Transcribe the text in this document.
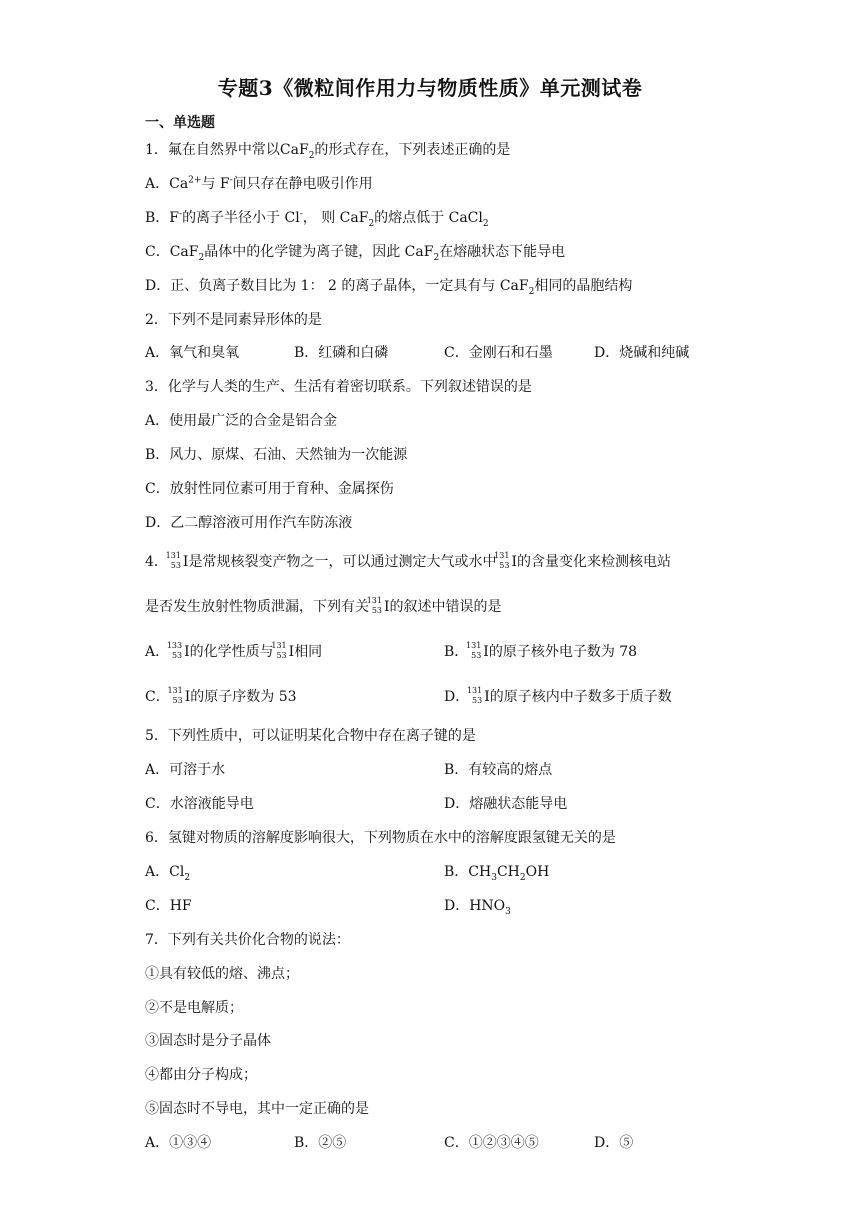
专题3《微粒间作用力与物质性质》单元测试卷
一、单选题
1．氟在自然界中常以CaF$_2$的形式存在，下列表述正确的是
A．$Ca^{2+}$与 F-间只存在静电吸引作用
B．F-的离子半径小于 Cl-， 则 CaF$_2$的熔点低于 CaCl$_2$
C．CaF$_2$晶体中的化学键为离子键，因此 CaF$_2$在熔融状态下能导电
D．正、负离子数目比为 1： 2 的离子晶体，一定具有与 CaF$_2$相同的晶胞结构
2．下列不是同素异形体的是
A．氧气和臭氧	B．红磷和白磷	C．金刚石和石墨	D．烧碱和纯碱
3．化学与人类的生产、生活有着密切联系。下列叙述错误的是
A．使用最广泛的合金是铝合金
B．风力、原煤、石油、天然铀为一次能源
C．放射性同位素可用于育种、金属探伤
D．乙二醇溶液可用作汽车防冻液
4．
131
53 I是常规核裂变产物之一，可以通过测定大气或水中
131
53 I的含量变化来检测核电站
是否发生放射性物质泄漏，下列有关
131
53 I的叙述中错误的是
A．
133
53 I的化学性质与
131
53 I相同	B．
131
53 I的原子核外电子数为 78
C．
131
53 I的原子序数为 53	D．
131
53 I的原子核内中子数多于质子数
5．下列性质中，可以证明某化合物中存在离子键的是
A．可溶于水	B．有较高的熔点
C．水溶液能导电	D．熔融状态能导电
6．氢键对物质的溶解度影响很大，下列物质在水中的溶解度跟氢键无关的是
A．$Cl_2$	B．$CH_3CH_2OH$
C．HF	D．$HNO_3$
7．下列有关共价化合物的说法：
①具有较低的熔、沸点；
②不是电解质；
③固态时是分子晶体
④都由分子构成；
⑤固态时不导电，其中一定正确的是
A．①③④	B．②⑤	C．①②③④⑤	D．⑤
